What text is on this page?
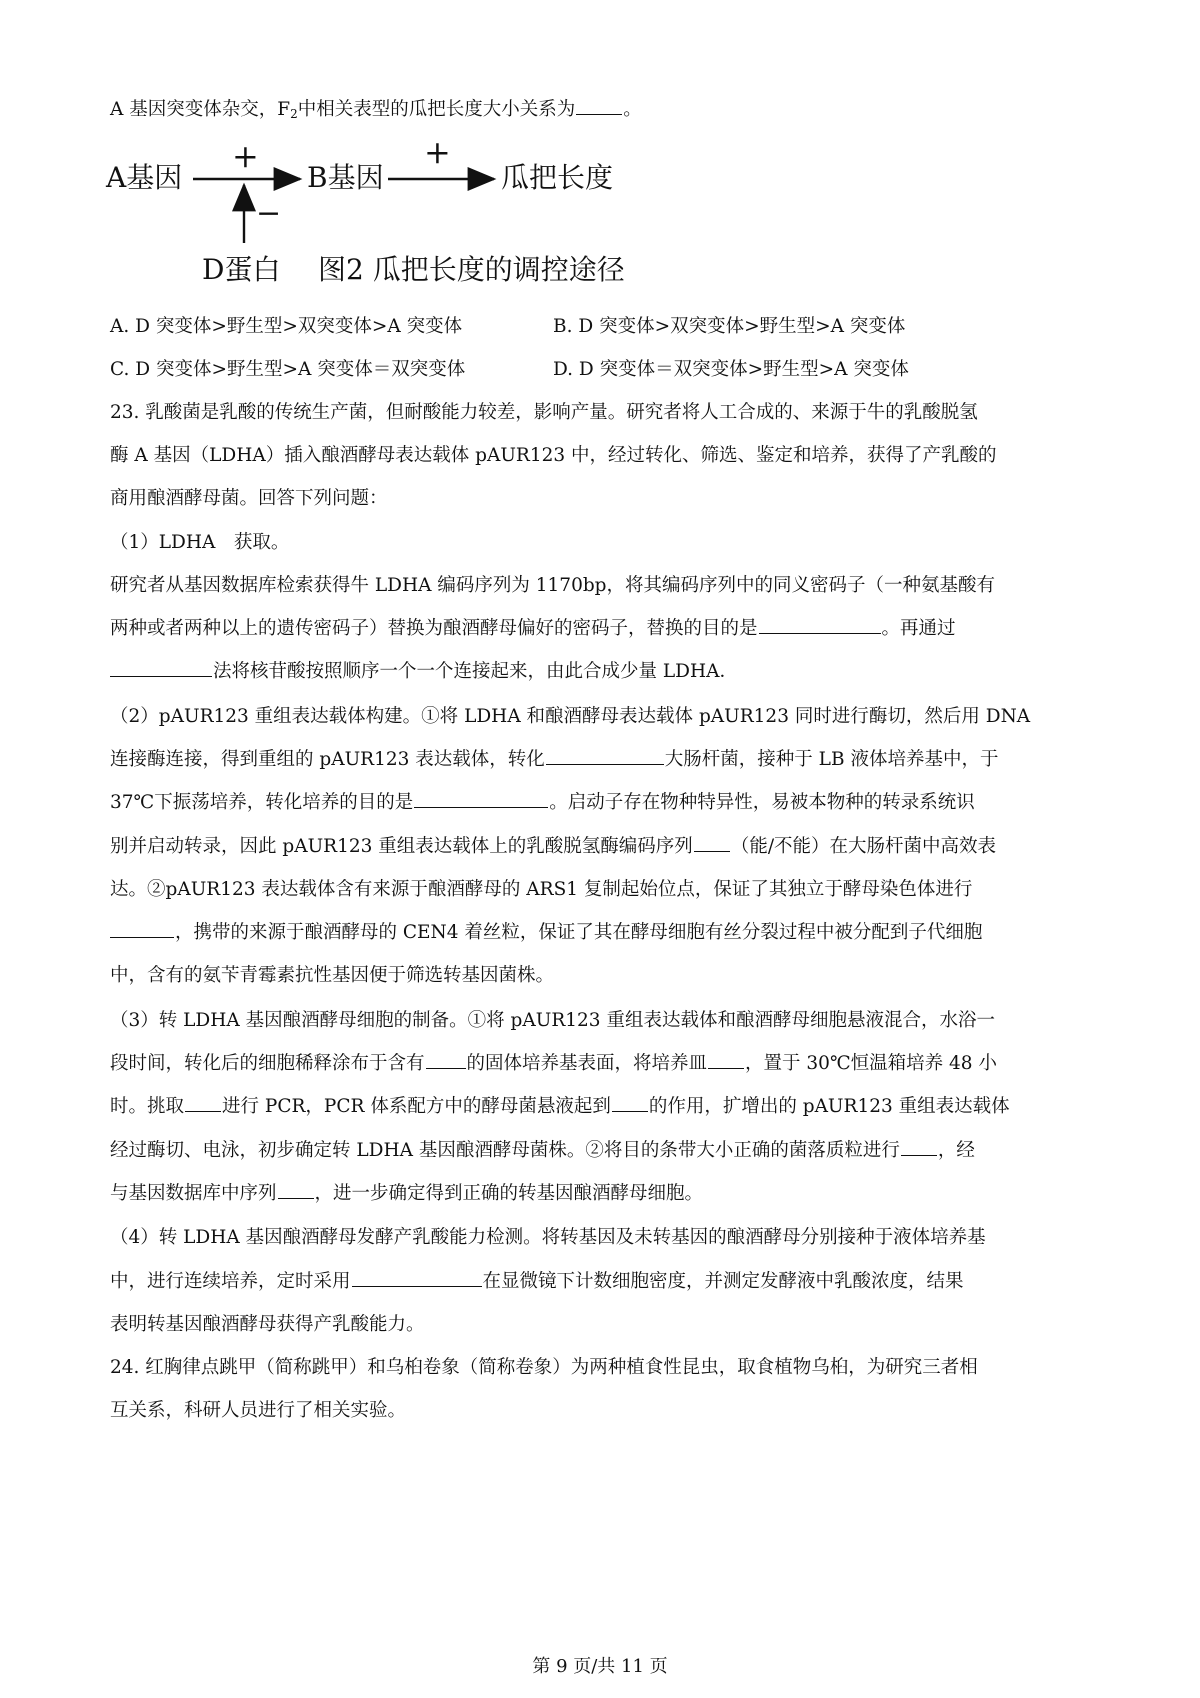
A 基因突变体杂交，$F_2$中相关表型的瓜把长度大小关系为	。
A基因	B基因	瓜把长度
+	+
−
D蛋白 图2 瓜把长度的调控途径
A. D 突变体>野生型>双突变体>A 突变体	B. D 突变体>双突变体>野生型>A 突变体
C. D 突变体>野生型>A 突变体＝双突变体	D. D 突变体＝双突变体>野生型>A 突变体
23. 乳酸菌是乳酸的传统生产菌，但耐酸能力较差，影响产量。研究者将人工合成的、来源于牛的乳酸脱氢
酶 A 基因（LDHA）插入酿酒酵母表达载体 pAUR123 中，经过转化、筛选、鉴定和培养，获得了产乳酸的
商用酿酒酵母菌。回答下列问题：
（1）LDHA　获取。
研究者从基因数据库检索获得牛 LDHA 编码序列为 1170bp，将其编码序列中的同义密码子（一种氨基酸有
两种或者两种以上的遗传密码子）替换为酿酒酵母偏好的密码子，替换的目的是	。再通过
法将核苷酸按照顺序一个一个连接起来，由此合成少量 LDHA．
（2）pAUR123 重组表达载体构建。①将 LDHA 和酿酒酵母表达载体 pAUR123 同时进行酶切，然后用 DNA
连接酶连接，得到重组的 pAUR123 表达载体，转化	大肠杆菌，接种于 LB 液体培养基中，于
37℃下振荡培养，转化培养的目的是	。启动子存在物种特异性，易被本物种的转录系统识
别并启动转录，因此 pAUR123 重组表达载体上的乳酸脱氢酶编码序列 （能/不能）在大肠杆菌中高效表
达。②pAUR123 表达载体含有来源于酿酒酵母的 ARS1 复制起始位点，保证了其独立于酵母染色体进行
，携带的来源于酿酒酵母的 CEN4 着丝粒，保证了其在酵母细胞有丝分裂过程中被分配到子代细胞
中，含有的氨苄青霉素抗性基因便于筛选转基因菌株。
（3）转 LDHA 基因酿酒酵母细胞的制备。①将 pAUR123 重组表达载体和酿酒酵母细胞悬液混合，水浴一
段时间，转化后的细胞稀释涂布于含有 的固体培养基表面，将培养皿 ，置于 30℃恒温箱培养 48 小
时。挑取 进行 PCR，PCR 体系配方中的酵母菌悬液起到 的作用，扩增出的 pAUR123 重组表达载体
经过酶切、电泳，初步确定转 LDHA 基因酿酒酵母菌株。②将目的条带大小正确的菌落质粒进行 ，经
与基因数据库中序列 ，进一步确定得到正确的转基因酿酒酵母细胞。
（4）转 LDHA 基因酿酒酵母发酵产乳酸能力检测。将转基因及未转基因的酿酒酵母分别接种于液体培养基
中，进行连续培养，定时采用	在显微镜下计数细胞密度，并测定发酵液中乳酸浓度，结果
表明转基因酿酒酵母获得产乳酸能力。
24. 红胸律点跳甲（简称跳甲）和乌桕卷象（简称卷象）为两种植食性昆虫，取食植物乌桕，为研究三者相
互关系，科研人员进行了相关实验。
第 9 页/共 11 页
